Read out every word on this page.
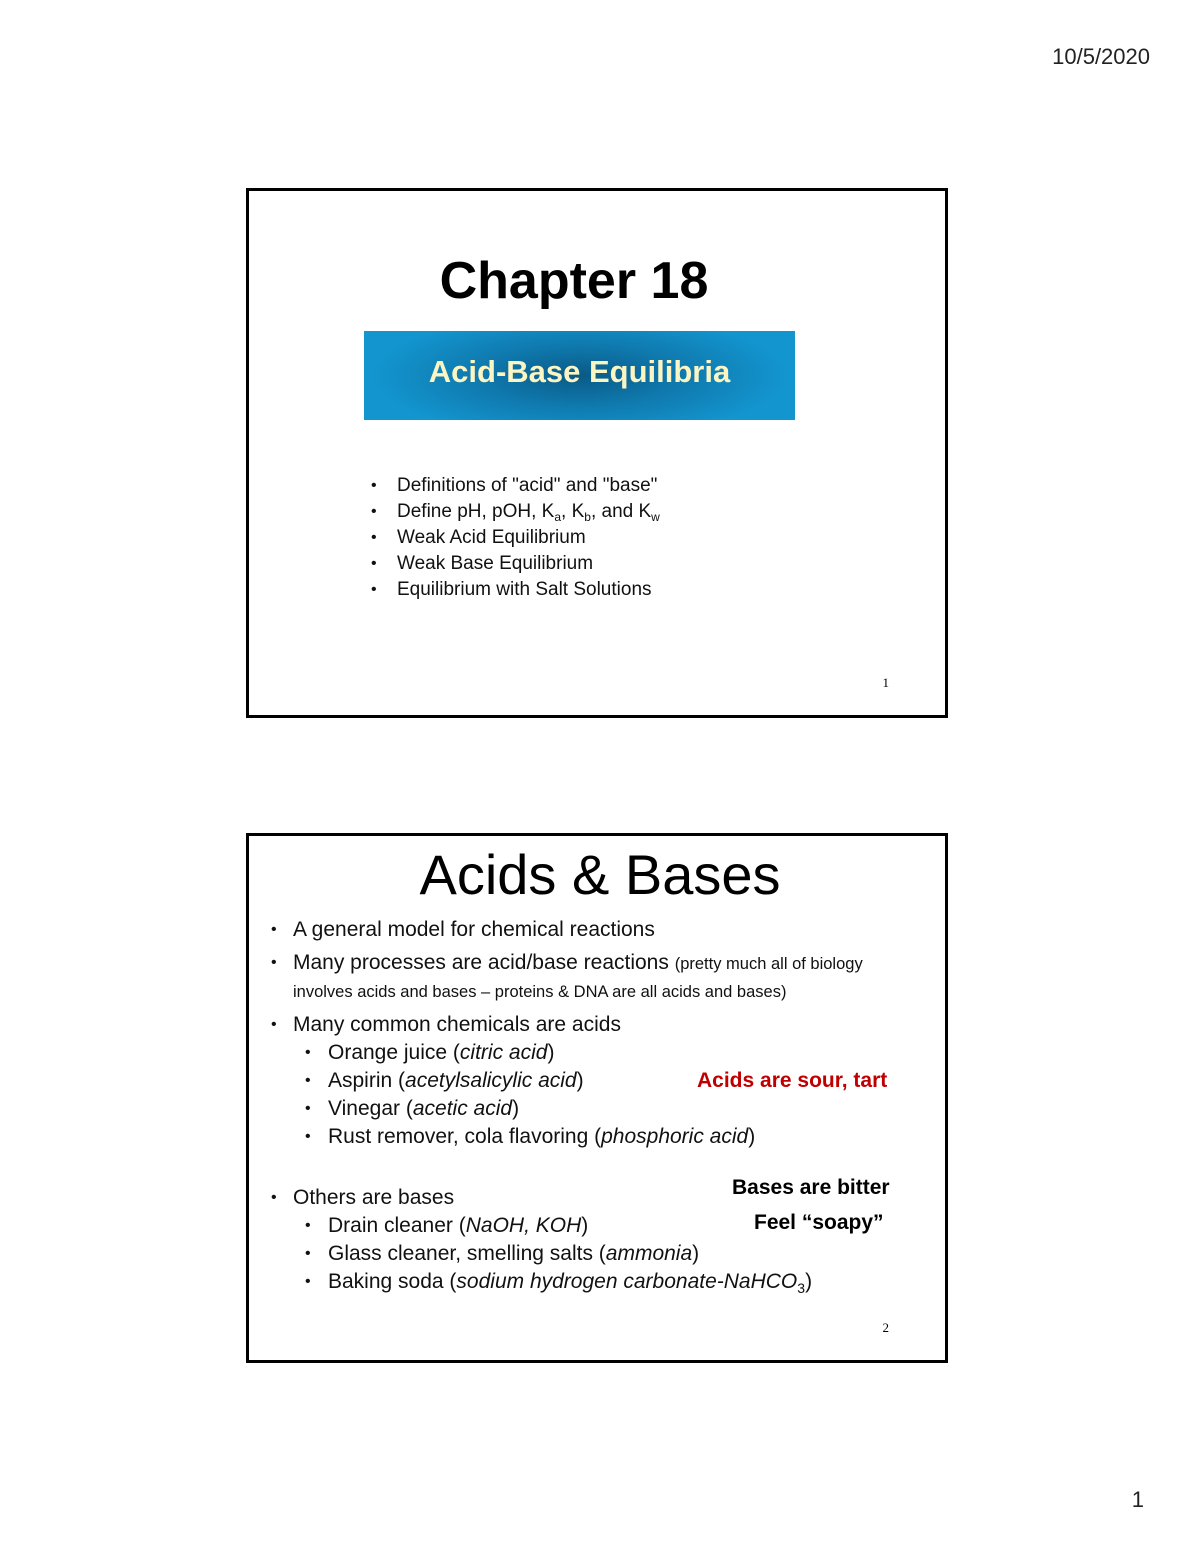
10/5/2020
Chapter 18
Acid-Base Equilibria
• Definitions of "acid" and "base"
• Define pH, pOH, $K_a$, $K_b$, and $K_w$
• Weak Acid Equilibrium
• Weak Base Equilibrium
• Equilibrium with Salt Solutions
1
Acids & Bases
• A general model for chemical reactions
• Many processes are acid/base reactions (pretty much all of biology
involves acids and bases – proteins & DNA are all acids and bases)
• Many common chemicals are acids
• Orange juice (citric acid)
• Aspirin (acetylsalicylic acid)
• Vinegar (acetic acid)
• Rust remover, cola flavoring (phosphoric acid)
• Others are bases
• Drain cleaner (NaOH, KOH)
• Glass cleaner, smelling salts (ammonia)
• Baking soda (sodium hydrogen carbonate-NaHCO$_3$)
Acids are sour, tart
Bases are bitter
Feel “soapy”
2
1
